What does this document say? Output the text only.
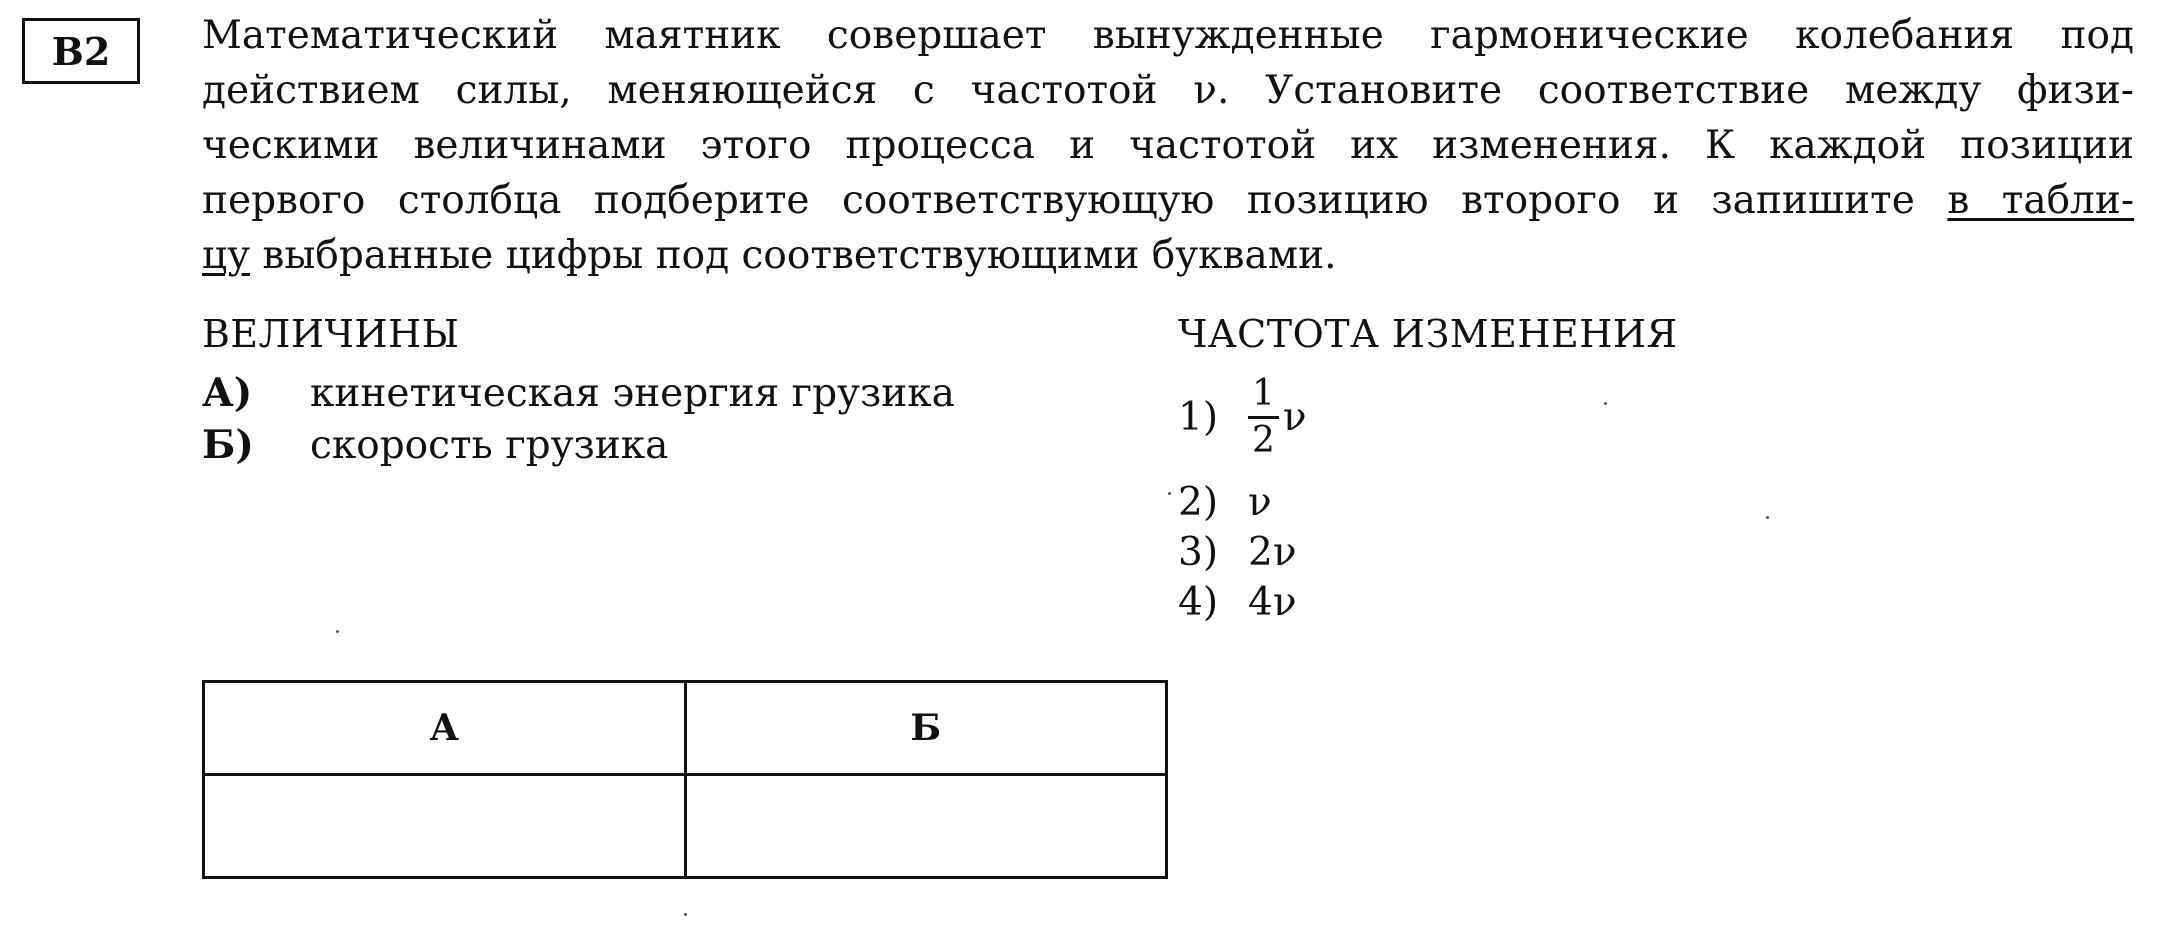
В2	Математический маятник совершает вынужденные гармонические колебания под
действием силы, меняющейся с частотой ν. Установите соответствие между физи-
ческими величинами этого процесса и частотой их изменения. К каждой позиции
первого столбца подберите соответствующую позицию второго и запишите в табли-
цу выбранные цифры под соответствующими буквами.

ВЕЛИЧИНЫ
А) кинетическая энергия грузика
Б) скорость грузика
ЧАСТОТА ИЗМЕНЕНИЯ
$1) \frac{1}{2}$ ν
2) ν
3) 2ν
4) 4ν
А	Б
